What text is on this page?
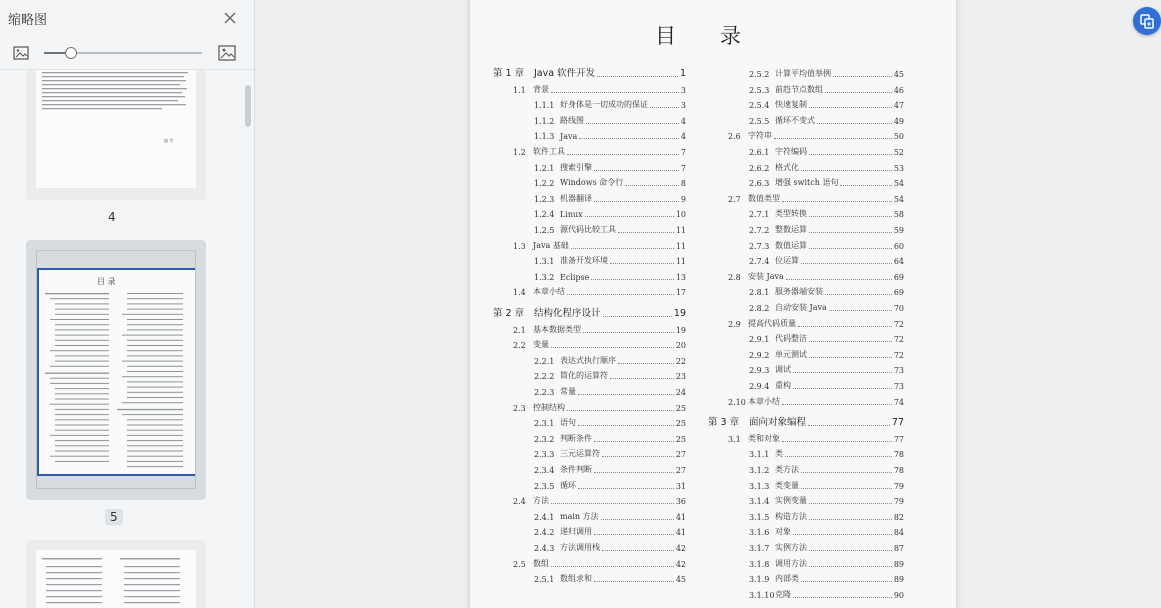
缩略图
编 者
4
目 录
5
目 录
第 1 章	Java 软件开发	1
1.1 背景	3
1.1.1 好身体是一切成功的保证	3
1.1.2 路线图	4
1.1.3 Java	4
1.2 软件工具	7
1.2.1 搜索引擎	7
1.2.2 Windows 命令行	8
1.2.3 机器翻译	9
1.2.4 Linux	10
1.2.5 源代码比较工具	11
1.3 Java 基础	11
1.3.1 准备开发环境	11
1.3.2 Eclipse	13
1.4 本章小结	17
第 2 章	结构化程序设计	19
2.1 基本数据类型	19
2.2 变量	20
2.2.1 表达式执行顺序	22
2.2.2 简化的运算符	23
2.2.3 常量	24
2.3 控制结构	25
2.3.1 语句	25
2.3.2 判断条件	25
2.3.3 三元运算符	27
2.3.4 条件判断	27
2.3.5 循环	31
2.4 方法	36
2.4.1 main 方法	41
2.4.2 递归调用	41
2.4.3 方法调用栈	42
2.5 数组	42
2.5.1 数组求和	45
2.5.2 计算平均值举例	45
2.5.3 前趋节点数组	46
2.5.4 快速复制	47
2.5.5 循环不变式	49
2.6 字符串	50
2.6.1 字符编码	52
2.6.2 格式化	53
2.6.3 增强 switch 语句	54
2.7 数值类型	54
2.7.1 类型转换	58
2.7.2 整数运算	59
2.7.3 数值运算	60
2.7.4 位运算	64
2.8 安装 Java	69
2.8.1 服务器端安装	69
2.8.2 自动安装 Java	70
2.9 提高代码质量	72
2.9.1 代码整洁	72
2.9.2 单元测试	72
2.9.3 调试	73
2.9.4 重构	73
2.10 本章小结	74
第 3 章	面向对象编程	77
3.1 类和对象	77
3.1.1 类	78
3.1.2 类方法	78
3.1.3 类变量	79
3.1.4 实例变量	79
3.1.5 构造方法	82
3.1.6 对象	84
3.1.7 实例方法	87
3.1.8 调用方法	89
3.1.9 内部类	89
3.1.10 克隆	90
